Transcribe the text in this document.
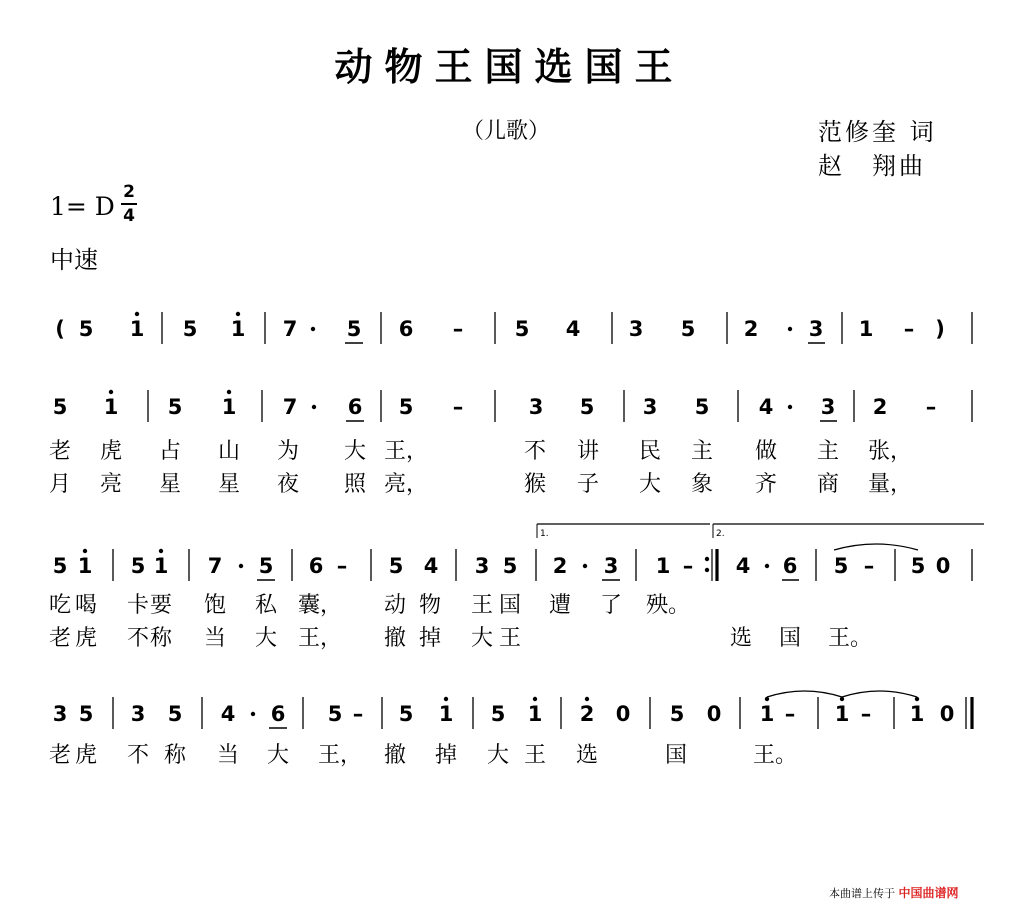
动物王国选国王
（儿歌）	范修奎 词
赵　翔曲
1= D 2
4
中速
( 5 1 5 1 7 5 6 – 5 4 3 5 2 3 1 – )
5 1 5 1 7 6 5 –	3 5 3 5 4 3 2 –
老 虎 占 山 为 大 王，	不 讲 民 主 做 主 张，
月 亮 星 星 夜 照 亮，	猴 子 大 象 齐 商 量，
5 1 5 1 7 5 6 – 5 4 3 5 2 3 1 – 4 6 5 – 5 0
1.	2.
吃 喝 卡 要 饱 私 囊， 动 物 王 国 遭 了 殃。
老 虎 不 称 当 大 王， 撤 掉 大 王	选 国 王。
3 5 3 5 4 6 5 – 5 1 5 1 2 0 5 0 1 – 1 – 1 0
老 虎 不 称 当 大 王， 撤 掉 大 王 选	国	王。
本曲谱上传于 中国曲谱网
